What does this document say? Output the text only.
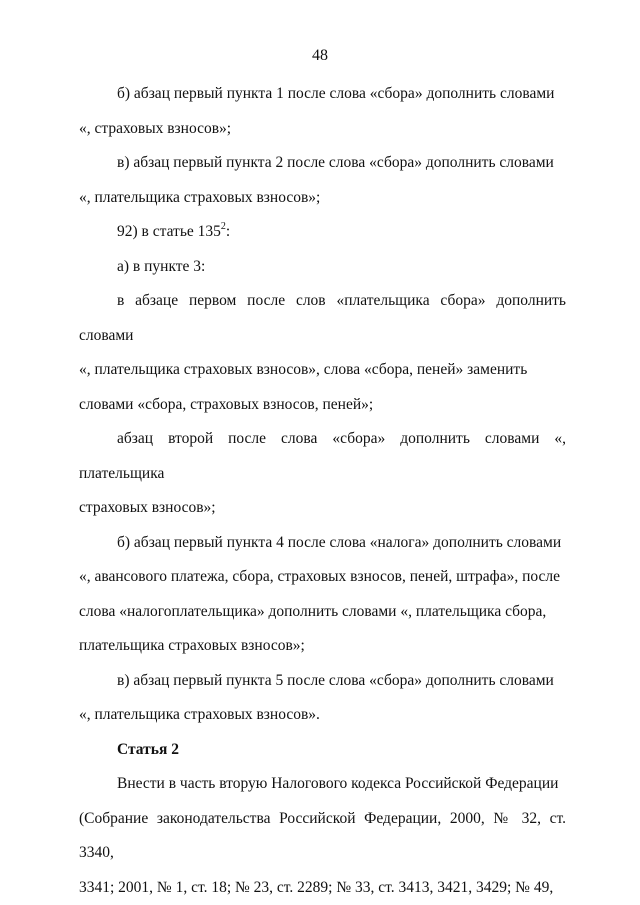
48

б) абзац первый пункта 1 после слова «сбора» дополнить словами

«, страховых взносов»;

в) абзац первый пункта 2 после слова «сбора» дополнить словами

«, плательщика страховых взносов»;

92) в статье $135^2$:

а) в пункте 3:

в абзаце первом после слов «плательщика сбора» дополнить словами

«, плательщика страховых взносов», слова «сбора, пеней» заменить

словами «сбора, страховых взносов, пеней»;

абзац второй после слова «сбора» дополнить словами «, плательщика

страховых взносов»;

б) абзац первый пункта 4 после слова «налога» дополнить словами

«, авансового платежа, сбора, страховых взносов, пеней, штрафа», после

слова «налогоплательщика» дополнить словами «, плательщика сбора,

плательщика страховых взносов»;

в) абзац первый пункта 5 после слова «сбора» дополнить словами

«, плательщика страховых взносов».

Статья 2

Внести в часть вторую Налогового кодекса Российской Федерации

(Собрание законодательства Российской Федерации, 2000, № 32, ст. 3340,

3341; 2001, № 1, ст. 18; № 23, ст. 2289; № 33, ст. 3413, 3421, 3429; № 49,
